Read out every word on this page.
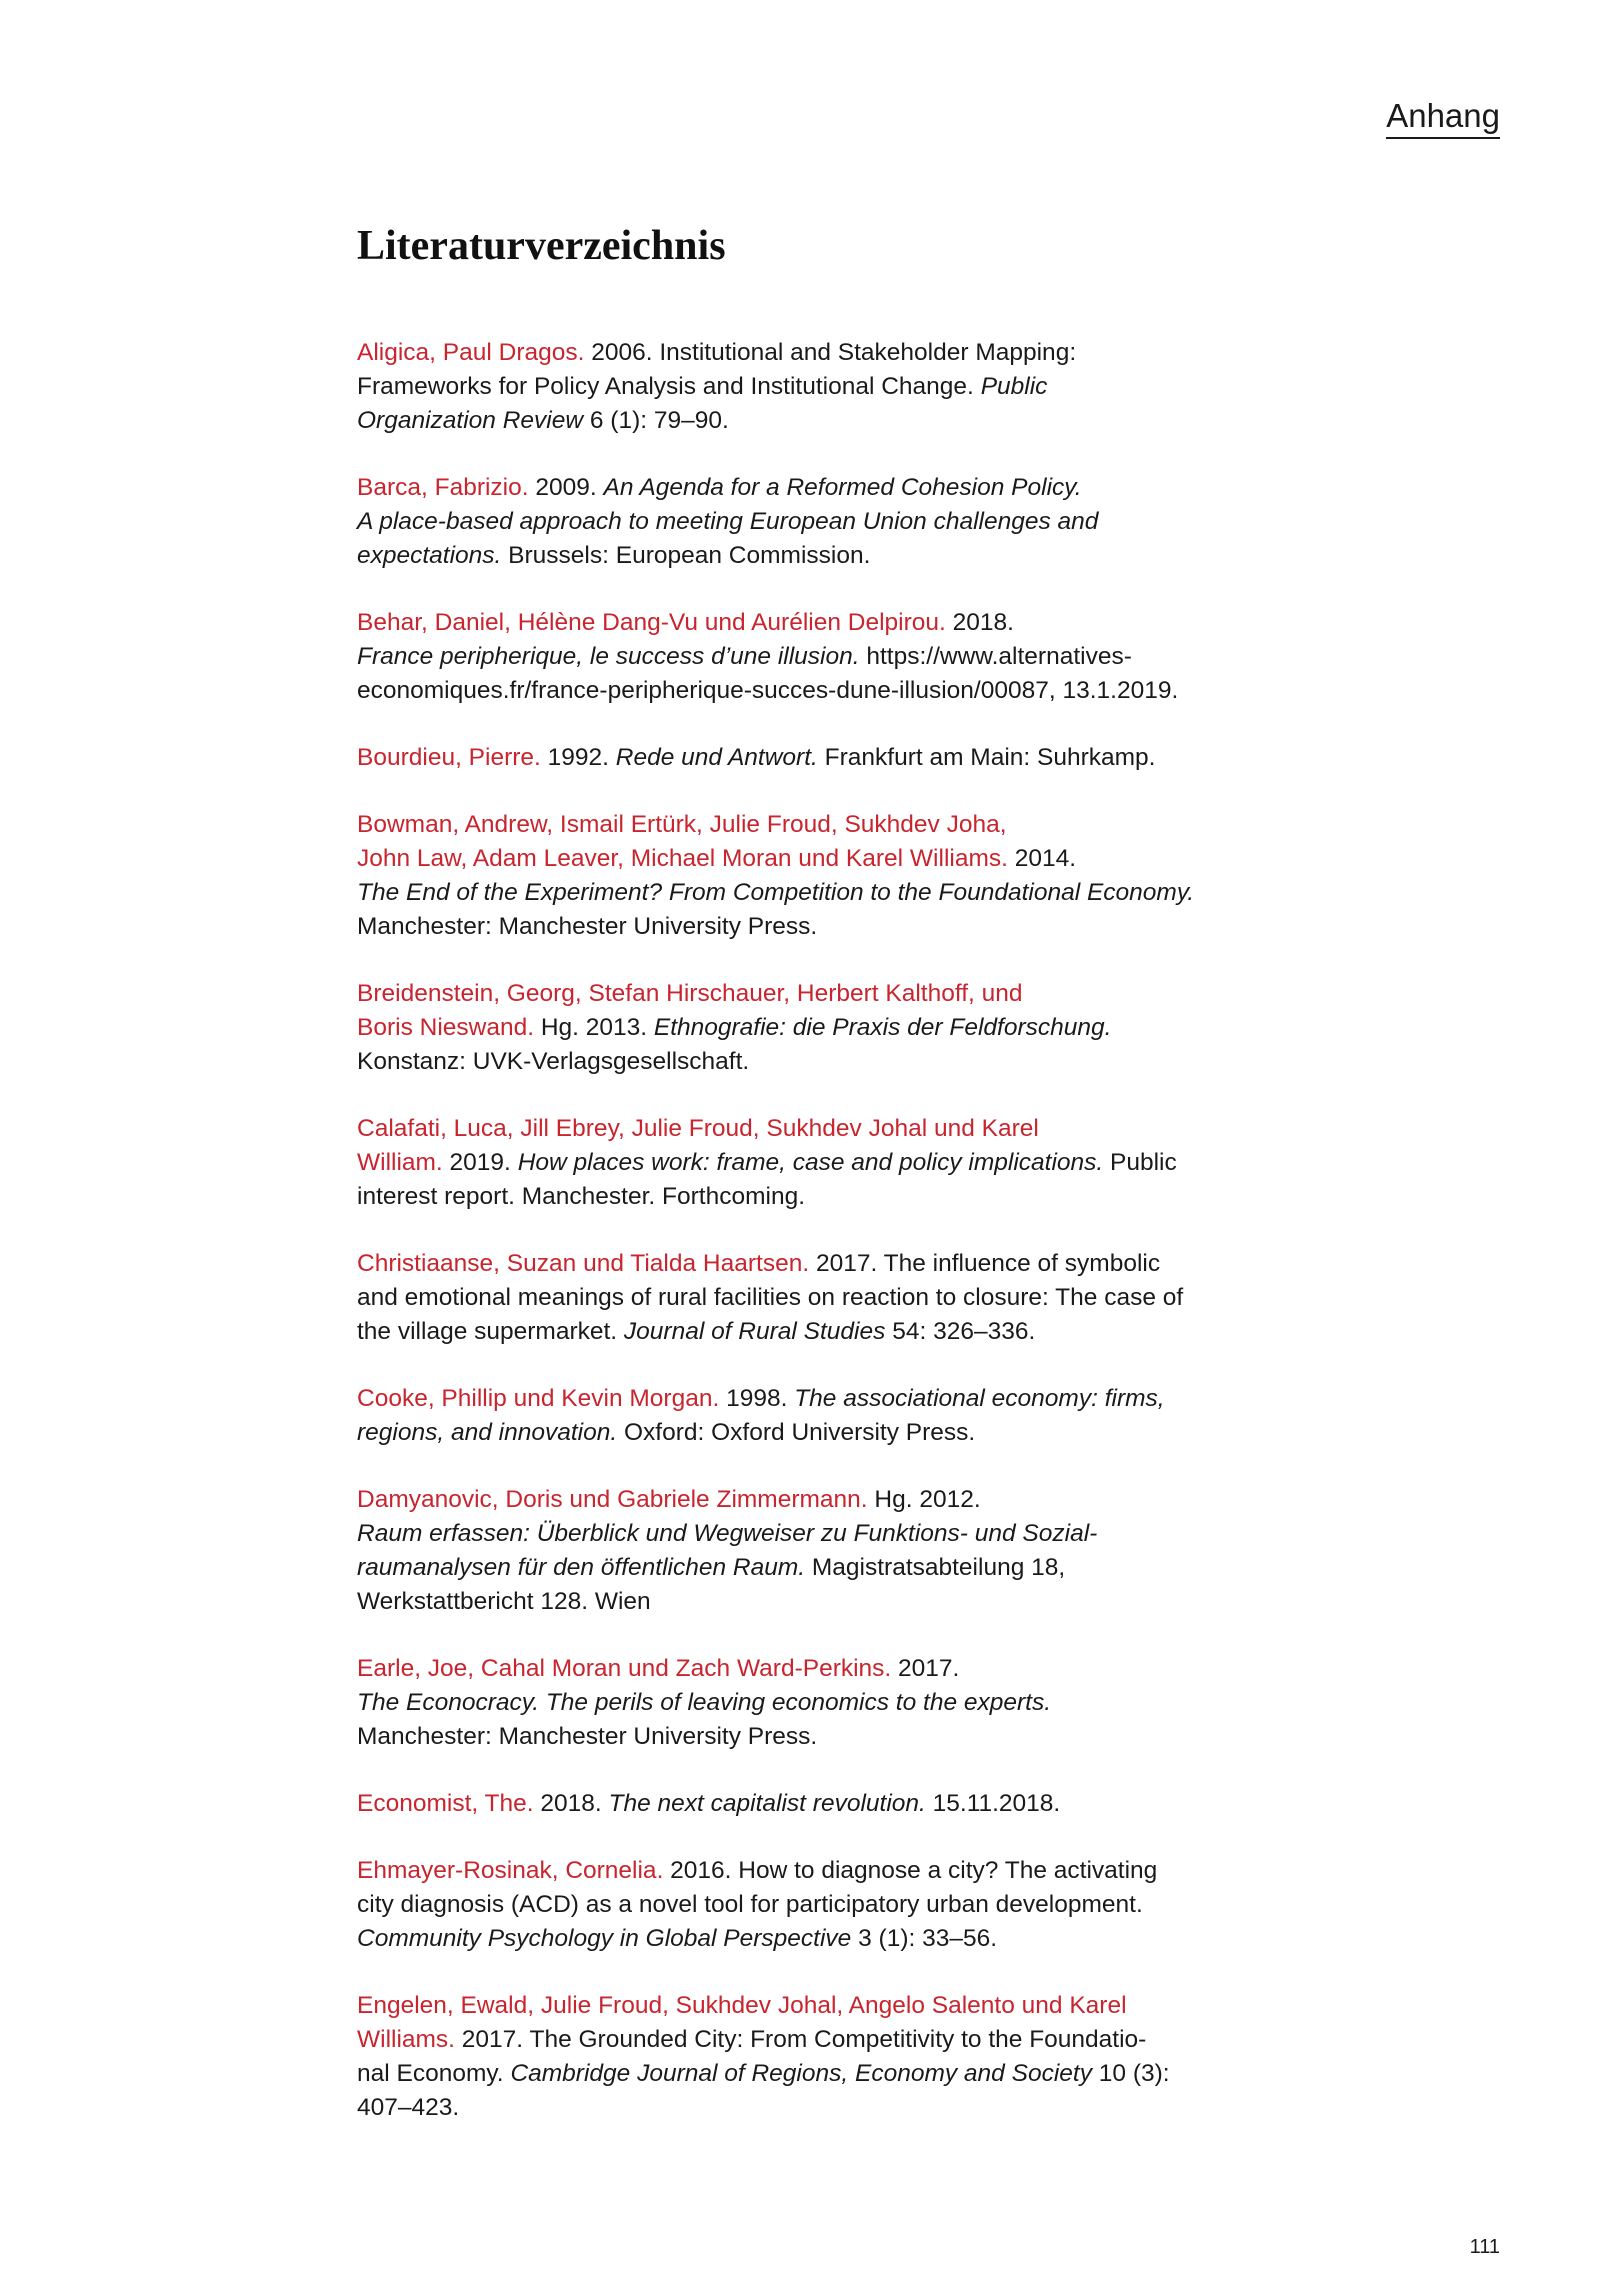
Anhang
Literaturverzeichnis

Aligica, Paul Dragos. 2006. Institutional and Stakeholder Mapping:
Frameworks for Policy Analysis and Institutional Change. Public
Organization Review 6 (1): 79–90.

Barca, Fabrizio. 2009. An Agenda for a Reformed Cohesion Policy.
A place-based approach to meeting European Union challenges and
expectations. Brussels: European Commission.

Behar, Daniel, Hélène Dang-Vu und Aurélien Delpirou. 2018.
France peripherique, le success d’une illusion. https://www.alternatives-
economiques.fr/france-peripherique-succes-dune-illusion/00087, 13.1.2019.

Bourdieu, Pierre. 1992. Rede und Antwort. Frankfurt am Main: Suhrkamp.

Bowman, Andrew, Ismail Ertürk, Julie Froud, Sukhdev Joha,
John Law, Adam Leaver, Michael Moran und Karel Williams. 2014.
The End of the Experiment? From Competition to the Foundational Economy.
Manchester: Manchester University Press.

Breidenstein, Georg, Stefan Hirschauer, Herbert Kalthoff, und
Boris Nieswand. Hg. 2013. Ethnografie: die Praxis der Feldforschung.
Konstanz: UVK-Verlagsgesellschaft.

Calafati, Luca, Jill Ebrey, Julie Froud, Sukhdev Johal und Karel
William. 2019. How places work: frame, case and policy implications. Public
interest report. Manchester. Forthcoming.

Christiaanse, Suzan und Tialda Haartsen. 2017. The influence of symbolic
and emotional meanings of rural facilities on reaction to closure: The case of
the village supermarket. Journal of Rural Studies 54: 326–336.

Cooke, Phillip und Kevin Morgan. 1998. The associational economy: firms,
regions, and innovation. Oxford: Oxford University Press.

Damyanovic, Doris und Gabriele Zimmermann. Hg. 2012.
Raum erfassen: Überblick und Wegweiser zu Funktions- und Sozial-
raumanalysen für den öffentlichen Raum. Magistratsabteilung 18,
Werkstattbericht 128. Wien

Earle, Joe, Cahal Moran und Zach Ward-Perkins. 2017.
The Econocracy. The perils of leaving economics to the experts.
Manchester: Manchester University Press.

Economist, The. 2018. The next capitalist revolution. 15.11.2018.

Ehmayer-Rosinak, Cornelia. 2016. How to diagnose a city? The activating
city diagnosis (ACD) as a novel tool for participatory urban development.
Community Psychology in Global Perspective 3 (1): 33–56.

Engelen, Ewald, Julie Froud, Sukhdev Johal, Angelo Salento und Karel
Williams. 2017. The Grounded City: From Competitivity to the Foundatio-
nal Economy. Cambridge Journal of Regions, Economy and Society 10 (3):
407–423.

111
